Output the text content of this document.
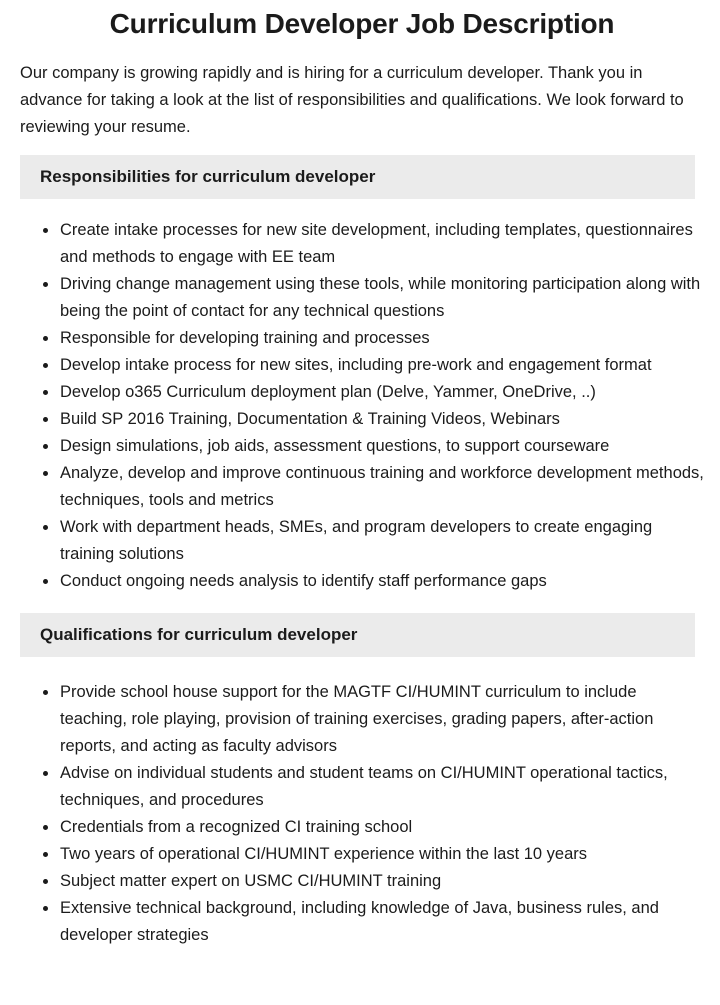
Curriculum Developer Job Description

Our company is growing rapidly and is hiring for a curriculum developer. Thank you in advance for taking a look at the list of responsibilities and qualifications. We look forward to reviewing your resume.

Responsibilities for curriculum developer
Create intake processes for new site development, including templates, questionnaires and methods to engage with EE team
Driving change management using these tools, while monitoring participation along with being the point of contact for any technical questions
Responsible for developing training and processes
Develop intake process for new sites, including pre-work and engagement format
Develop o365 Curriculum deployment plan (Delve, Yammer, OneDrive, ..)
Build SP 2016 Training, Documentation & Training Videos, Webinars
Design simulations, job aids, assessment questions, to support courseware
Analyze, develop and improve continuous training and workforce development methods, techniques, tools and metrics
Work with department heads, SMEs, and program developers to create engaging training solutions
Conduct ongoing needs analysis to identify staff performance gaps
Qualifications for curriculum developer
Provide school house support for the MAGTF CI/HUMINT curriculum to include teaching, role playing, provision of training exercises, grading papers, after-action reports, and acting as faculty advisors
Advise on individual students and student teams on CI/HUMINT operational tactics, techniques, and procedures
Credentials from a recognized CI training school
Two years of operational CI/HUMINT experience within the last 10 years
Subject matter expert on USMC CI/HUMINT training
Extensive technical background, including knowledge of Java, business rules, and developer strategies
